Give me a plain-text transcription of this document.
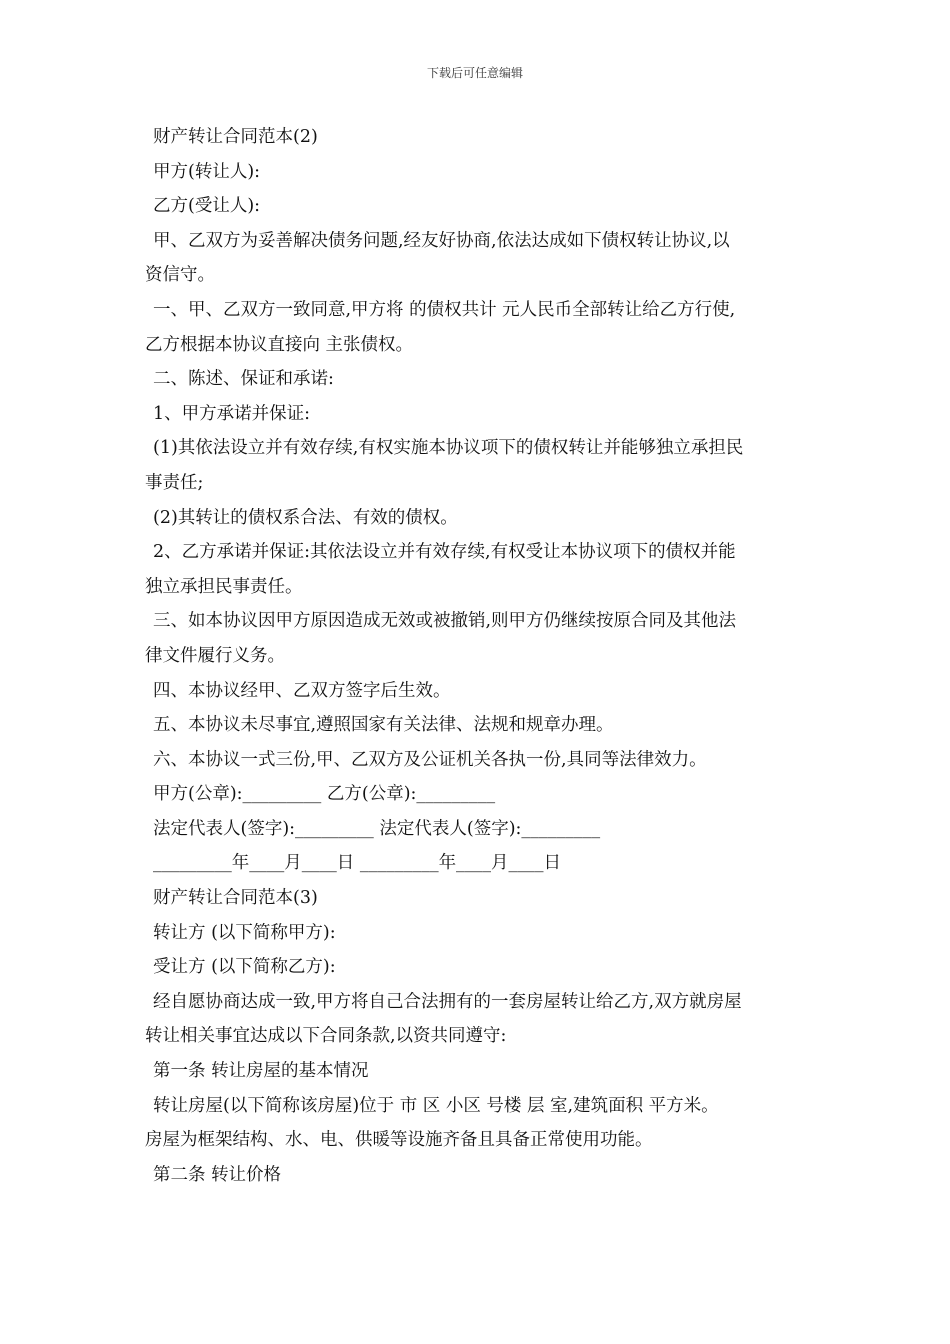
下载后可任意编辑
财产转让合同范本(2)
甲方(转让人):
乙方(受让人):
甲、乙双方为妥善解决债务问题,经友好协商,依法达成如下债权转让协议,以
资信守。
一、甲、乙双方一致同意,甲方将 的债权共计 元人民币全部转让给乙方行使,
乙方根据本协议直接向 主张债权。
二、陈述、保证和承诺:
1、甲方承诺并保证:
(1)其依法设立并有效存续,有权实施本协议项下的债权转让并能够独立承担民
事责任;
(2)其转让的债权系合法、有效的债权。
2、乙方承诺并保证:其依法设立并有效存续,有权受让本协议项下的债权并能
独立承担民事责任。
三、如本协议因甲方原因造成无效或被撤销,则甲方仍继续按原合同及其他法
律文件履行义务。
四、本协议经甲、乙双方签字后生效。
五、本协议未尽事宜,遵照国家有关法律、法规和规章办理。
六、本协议一式三份,甲、乙双方及公证机关各执一份,具同等法律效力。
甲方(公章):_________ 乙方(公章):_________
法定代表人(签字):_________ 法定代表人(签字):_________
_________年____月____日 _________年____月____日
财产转让合同范本(3)
转让方 (以下简称甲方):
受让方 (以下简称乙方):
经自愿协商达成一致,甲方将自己合法拥有的一套房屋转让给乙方,双方就房屋
转让相关事宜达成以下合同条款,以资共同遵守:
第一条 转让房屋的基本情况
转让房屋(以下简称该房屋)位于 市 区 小区 号楼 层 室,建筑面积 平方米。
房屋为框架结构、水、电、供暖等设施齐备且具备正常使用功能。
第二条 转让价格
